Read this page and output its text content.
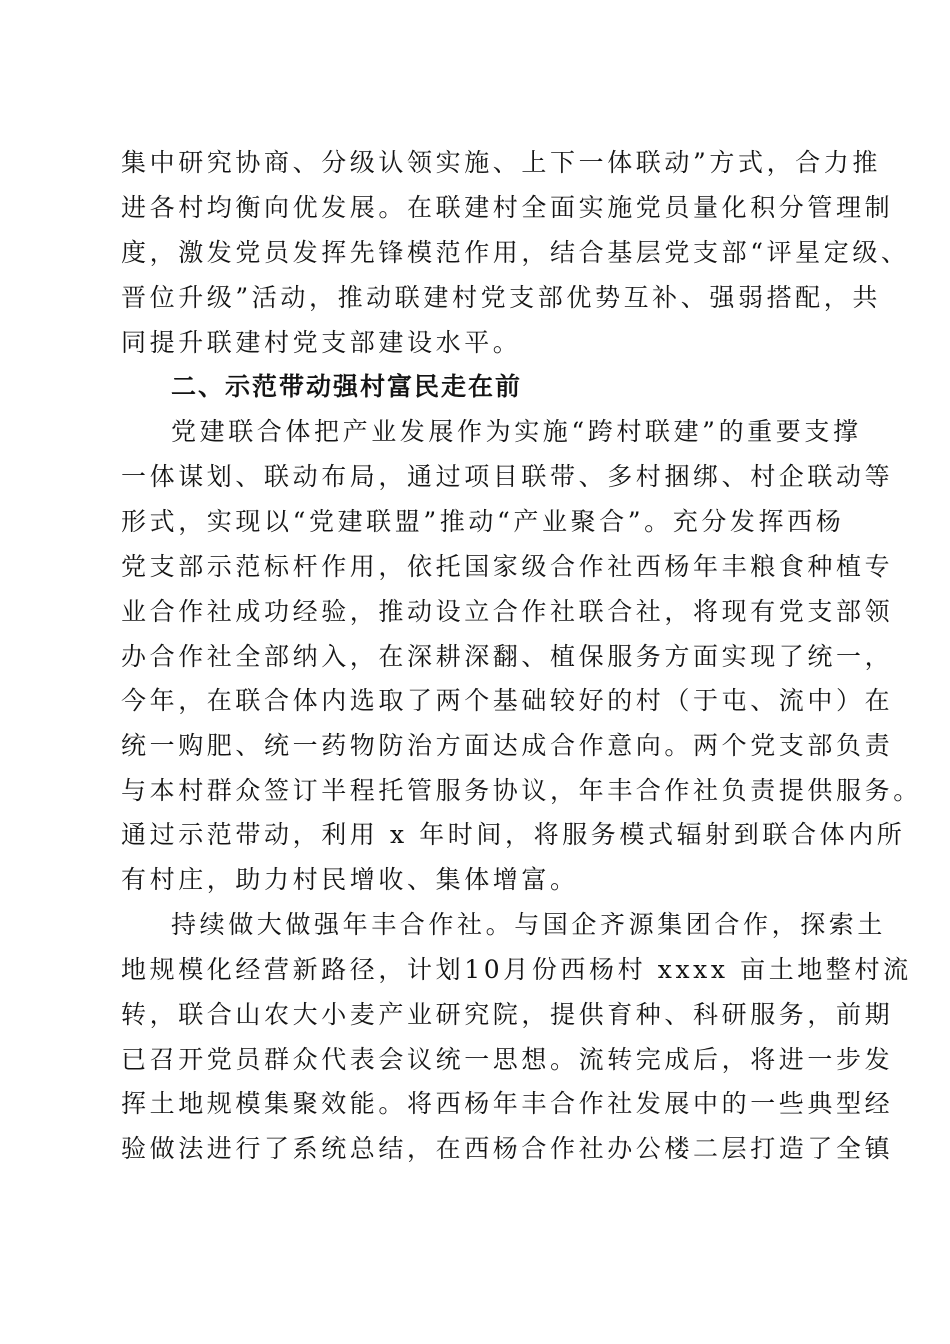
集中研究协商、分级认领实施、上下一体联动”方式，合力推
进各村均衡向优发展。在联建村全面实施党员量化积分管理制
度，激发党员发挥先锋模范作用，结合基层党支部“评星定级、
晋位升级”活动，推动联建村党支部优势互补、强弱搭配，共
同提升联建村党支部建设水平。
二、示范带动强村富民走在前
党建联合体把产业发展作为实施“跨村联建”的重要支撑
一体谋划、联动布局，通过项目联带、多村捆绑、村企联动等
形式，实现以“党建联盟”推动“产业聚合”。充分发挥西杨
党支部示范标杆作用，依托国家级合作社西杨年丰粮食种植专
业合作社成功经验，推动设立合作社联合社，将现有党支部领
办合作社全部纳入，在深耕深翻、植保服务方面实现了统一，
今年，在联合体内选取了两个基础较好的村（于屯、流中）在
统一购肥、统一药物防治方面达成合作意向。两个党支部负责
与本村群众签订半程托管服务协议，年丰合作社负责提供服务。
通过示范带动，利用 x 年时间，将服务模式辐射到联合体内所
有村庄，助力村民增收、集体增富。
持续做大做强年丰合作社。与国企齐源集团合作，探索土
地规模化经营新路径，计划10月份西杨村 xxxx 亩土地整村流
转，联合山农大小麦产业研究院，提供育种、科研服务，前期
已召开党员群众代表会议统一思想。流转完成后，将进一步发
挥土地规模集聚效能。将西杨年丰合作社发展中的一些典型经
验做法进行了系统总结，在西杨合作社办公楼二层打造了全镇
